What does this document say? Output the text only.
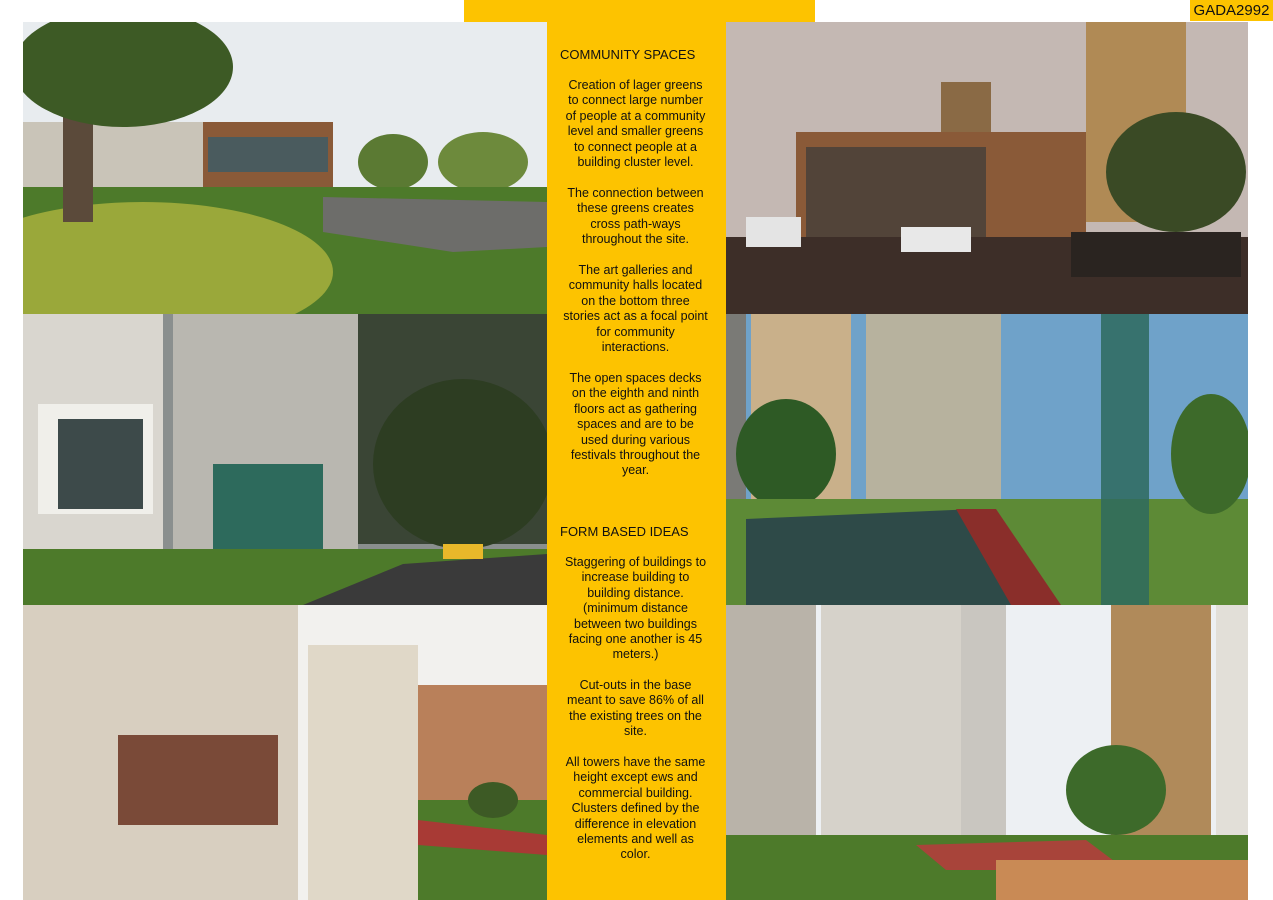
GADA2992
COMMUNITY SPACES
Creation of lager greens
to connect large number
of people at a community
level and smaller greens
to connect people at a
building cluster level.
The connection between
these greens creates
cross path-ways
throughout the site.
The art galleries and
community halls located
on the bottom three
stories act as a focal point
for community
interactions.
The open spaces decks
on the eighth and ninth
floors act as gathering
spaces and are to be
used during various
festivals throughout the
year.
FORM BASED IDEAS
Staggering of buildings to
increase building to
building distance.
(minimum distance
between two buildings
facing one another is 45
meters.)
Cut-outs in the base
meant to save 86% of all
the existing trees on the
site.
All towers have the same
height except ews and
commercial building.
Clusters defined by the
difference in elevation
elements and well as
color.
